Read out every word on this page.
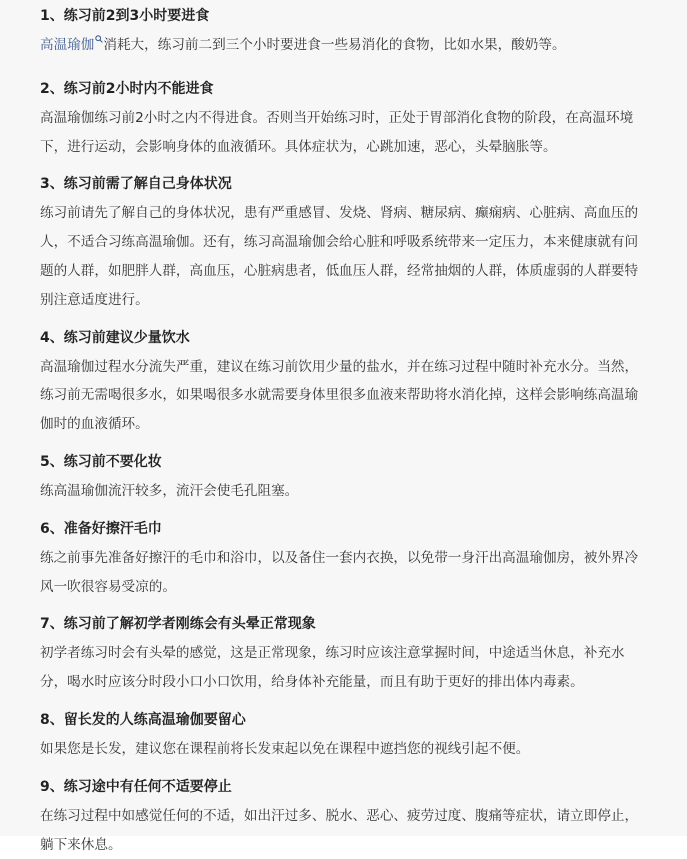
1、练习前2到3小时要进食

高温瑜伽 消耗大，练习前二到三个小时要进食一些易消化的食物，比如水果，酸奶等。

2、练习前2小时内不能进食

高温瑜伽练习前2小时之内不得进食。否则当开始练习时，正处于胃部消化食物的阶段，在高温环境下，进行运动，会影响身体的血液循环。具体症状为，心跳加速，恶心，头晕脑胀等。

3、练习前需了解自己身体状况

练习前请先了解自己的身体状况，患有严重感冒、发烧、肾病、糖尿病、癫痫病、心脏病、高血压的人，不适合习练高温瑜伽。还有，练习高温瑜伽会给心脏和呼吸系统带来一定压力，本来健康就有问题的人群，如肥胖人群，高血压，心脏病患者，低血压人群，经常抽烟的人群，体质虚弱的人群要特别注意适度进行。

4、练习前建议少量饮水

高温瑜伽过程水分流失严重，建议在练习前饮用少量的盐水，并在练习过程中随时补充水分。当然，练习前无需喝很多水，如果喝很多水就需要身体里很多血液来帮助将水消化掉，这样会影响练高温瑜伽时的血液循环。

5、练习前不要化妆

练高温瑜伽流汗较多，流汗会使毛孔阻塞。

6、准备好擦汗毛巾

练之前事先准备好擦汗的毛巾和浴巾，以及备住一套内衣换，以免带一身汗出高温瑜伽房，被外界冷风一吹很容易受凉的。

7、练习前了解初学者刚练会有头晕正常现象

初学者练习时会有头晕的感觉，这是正常现象，练习时应该注意掌握时间，中途适当休息，补充水分，喝水时应该分时段小口小口饮用，给身体补充能量，而且有助于更好的排出体内毒素。

8、留长发的人练高温瑜伽要留心

如果您是长发，建议您在课程前将长发束起以免在课程中遮挡您的视线引起不便。

9、练习途中有任何不适要停止

在练习过程中如感觉任何的不适，如出汗过多、脱水、恶心、疲劳过度、腹痛等症状，请立即停止，躺下来休息。
